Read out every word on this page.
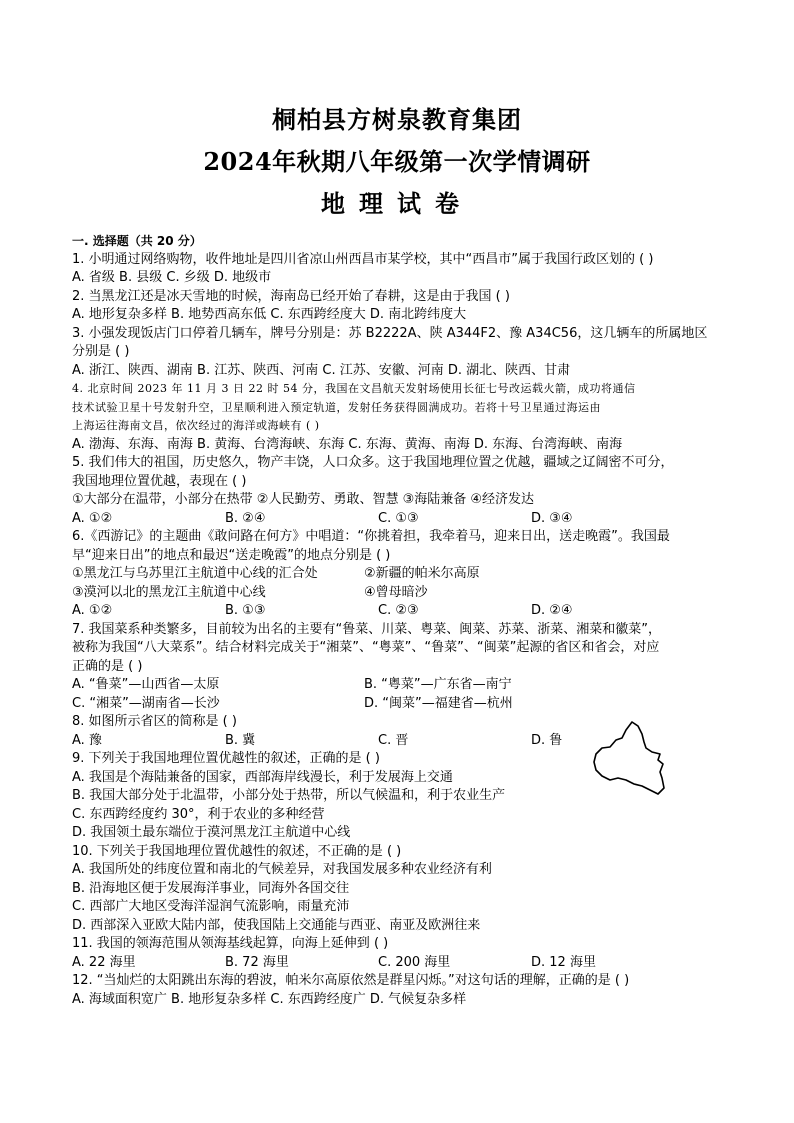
桐柏县方树泉教育集团
2024年秋期八年级第一次学情调研
地理试卷
一. 选择题（共 20 分）
1. 小明通过网络购物，收件地址是四川省凉山州西昌市某学校，其中“西昌市”属于我国行政区划的 ( )
A. 省级 B. 县级 C. 乡级 D. 地级市
2. 当黑龙江还是冰天雪地的时候，海南岛已经开始了春耕，这是由于我国 ( )
A. 地形复杂多样 B. 地势西高东低 C. 东西跨经度大 D. 南北跨纬度大
3. 小强发现饭店门口停着几辆车，牌号分别是：苏 B2222A、陕 A344F2、豫 A34C56，这几辆车的所属地区
分别是 ( )
A. 浙江、陕西、湖南 B. 江苏、陕西、河南 C. 江苏、安徽、河南 D. 湖北、陕西、甘肃
4. 北京时间 2023 年 11 月 3 日 22 时 54 分，我国在文昌航天发射场使用长征七号改运载火箭，成功将通信
技术试验卫星十号发射升空，卫星顺利进入预定轨道，发射任务获得圆满成功。若将十号卫星通过海运由
上海运往海南文昌，依次经过的海洋或海峡有 ( )
A. 渤海、东海、南海 B. 黄海、台湾海峡、东海 C. 东海、黄海、南海 D. 东海、台湾海峡、南海
5. 我们伟大的祖国，历史悠久，物产丰饶，人口众多。这于我国地理位置之优越，疆域之辽阔密不可分，
我国地理位置优越，表现在 ( )
①大部分在温带，小部分在热带 ②人民勤劳、勇敢、智慧 ③海陆兼备 ④经济发达
A. ①②	B. ②④	C. ①③	D. ③④
6.《西游记》的主题曲《敢问路在何方》中唱道：“你挑着担，我牵着马，迎来日出，送走晚霞”。我国最
早“迎来日出”的地点和最迟“送走晚霞”的地点分别是 ( )
①黑龙江与乌苏里江主航道中心线的汇合处	②新疆的帕米尔高原
③漠河以北的黑龙江主航道中心线	④曾母暗沙
A. ①②	B. ①③	C. ②③	D. ②④
7. 我国菜系种类繁多，目前较为出名的主要有“鲁菜、川菜、粤菜、闽菜、苏菜、浙菜、湘菜和徽菜”，
被称为我国“八大菜系”。结合材料完成关于“湘菜”、“粤菜”、“鲁菜”、“闽菜”起源的省区和省会，对应
正确的是 ( )
A. “鲁菜”—山西省—太原	B. “粤菜”—广东省—南宁
C. “湘菜”—湖南省—长沙	D. “闽菜”—福建省—杭州
8. 如图所示省区的简称是 ( )
A. 豫	B. 冀	C. 晋	D. 鲁
9. 下列关于我国地理位置优越性的叙述，正确的是 ( )
A. 我国是个海陆兼备的国家，西部海岸线漫长，利于发展海上交通
B. 我国大部分处于北温带，小部分处于热带，所以气候温和，利于农业生产
C. 东西跨经度约 30°，利于农业的多种经营
D. 我国领土最东端位于漠河黑龙江主航道中心线
10. 下列关于我国地理位置优越性的叙述，不正确的是 ( )
A. 我国所处的纬度位置和南北的气候差异，对我国发展多种农业经济有利
B. 沿海地区便于发展海洋事业，同海外各国交往
C. 西部广大地区受海洋湿润气流影响，雨量充沛
D. 西部深入亚欧大陆内部，使我国陆上交通能与西亚、南亚及欧洲往来
11. 我国的领海范围从领海基线起算，向海上延伸到 ( )
A. 22 海里	B. 72 海里	C. 200 海里	D. 12 海里
12. “当灿烂的太阳跳出东海的碧波，帕米尔高原依然是群星闪烁。”对这句话的理解，正确的是 ( )
A. 海域面积宽广 B. 地形复杂多样 C. 东西跨经度广 D. 气候复杂多样
